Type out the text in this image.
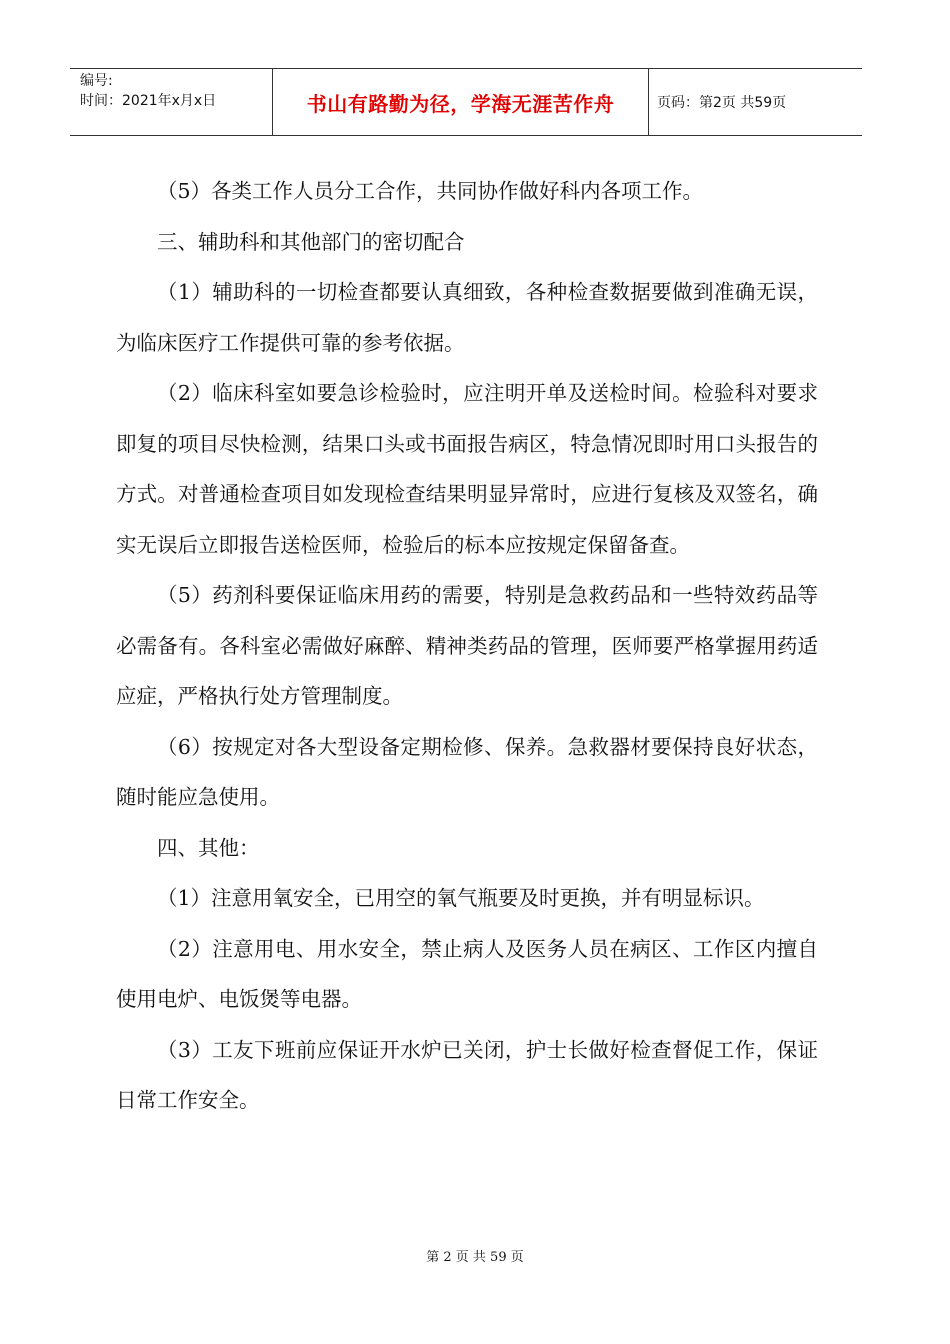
编号:
时间：2021年x月x日	书山有路勤为径，学海无涯苦作舟	页码：第2页 共59页

（5）各类工作人员分工合作，共同协作做好科内各项工作。

三、辅助科和其他部门的密切配合

（1）辅助科的一切检查都要认真细致，各种检查数据要做到准确无误，为临床医疗工作提供可靠的参考依据。

（2）临床科室如要急诊检验时，应注明开单及送检时间。检验科对要求即复的项目尽快检测，结果口头或书面报告病区，特急情况即时用口头报告的方式。对普通检查项目如发现检查结果明显异常时，应进行复核及双签名，确实无误后立即报告送检医师，检验后的标本应按规定保留备查。

（5）药剂科要保证临床用药的需要，特别是急救药品和一些特效药品等必需备有。各科室必需做好麻醉、精神类药品的管理，医师要严格掌握用药适应症，严格执行处方管理制度。

（6）按规定对各大型设备定期检修、保养。急救器材要保持良好状态，随时能应急使用。

四、其他：

（1）注意用氧安全，已用空的氧气瓶要及时更换，并有明显标识。

（2）注意用电、用水安全，禁止病人及医务人员在病区、工作区内擅自使用电炉、电饭煲等电器。

（3）工友下班前应保证开水炉已关闭，护士长做好检查督促工作，保证日常工作安全。

第 2 页 共 59 页
